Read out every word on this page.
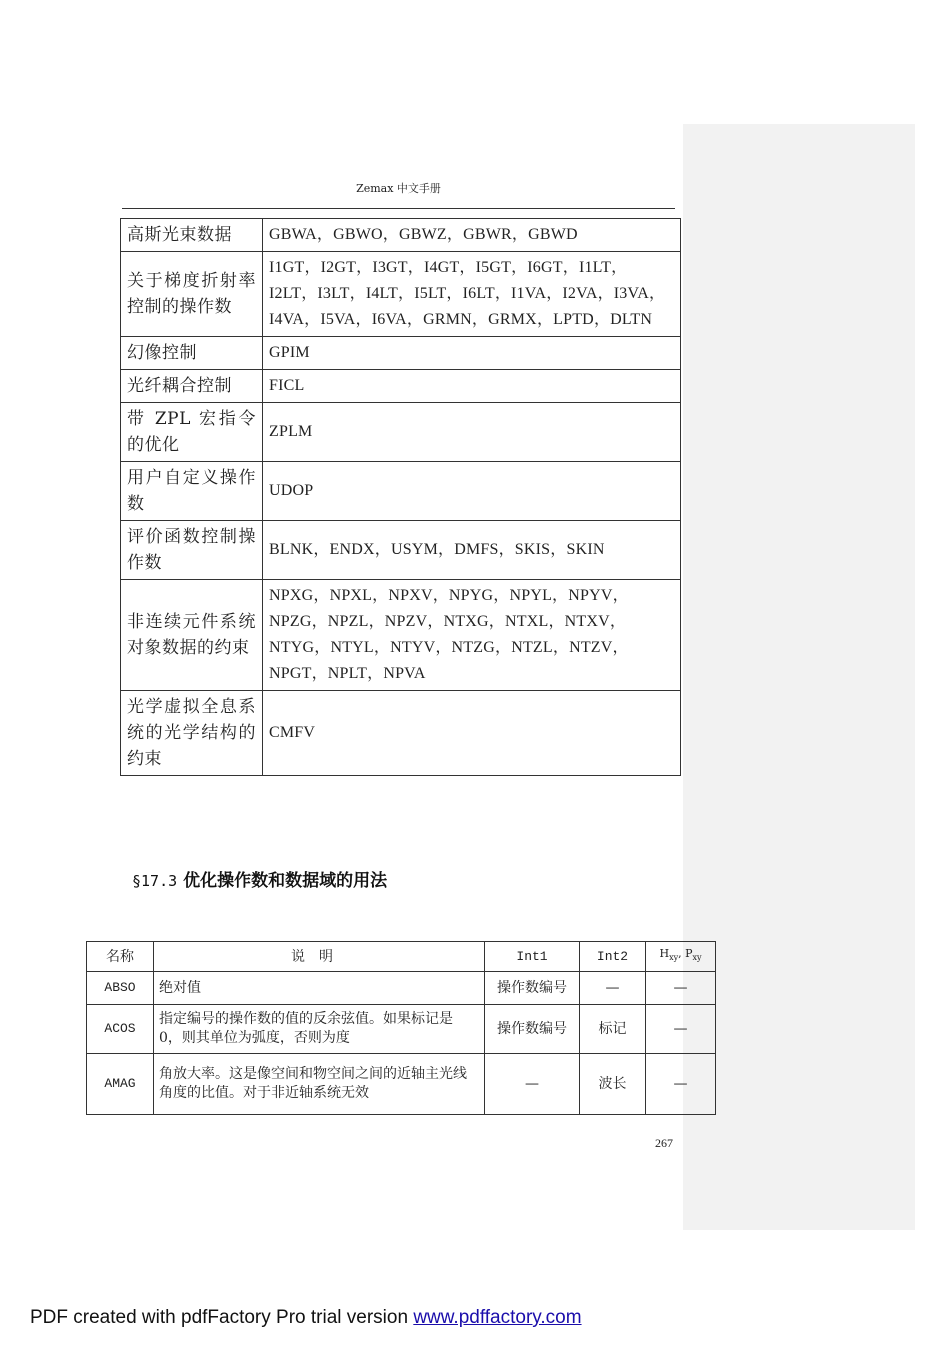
Zemax 中文手册
高斯光束数据	GBWA，GBWO，GBWZ，GBWR，GBWD
关于梯度折射率控制的操作数	I1GT，I2GT，I3GT，I4GT，I5GT，I6GT，I1LT，I2LT，I3LT，I4LT，I5LT，I6LT，I1VA，I2VA，I3VA，I4VA，I5VA，I6VA，GRMN，GRMX，LPTD，DLTN
幻像控制	GPIM
光纤耦合控制	FICL
带 ZPL 宏指令的优化	ZPLM
用户自定义操作数	UDOP
评价函数控制操作数	BLNK，ENDX，USYM，DMFS，SKIS，SKIN
非连续元件系统对象数据的约束	NPXG，NPXL，NPXV，NPYG，NPYL，NPYV，NPZG，NPZL，NPZV，NTXG，NTXL，NTXV，NTYG，NTYL，NTYV，NTZG，NTZL，NTZV，NPGT，NPLT，NPVA
光学虚拟全息系统的光学结构的约束	CMFV
§17.3 优化操作数和数据域的用法
名称	说明	Int1	Int2	$H_{xy}$, $P_{xy}$
ABSO	绝对值	操作数编号	—	—
ACOS	指定编号的操作数的值的反余弦值。如果标记是 0，则其单位为弧度，否则为度	操作数编号	标记	—
AMAG	角放大率。这是像空间和物空间之间的近轴主光线角度的比值。对于非近轴系统无效	—	波长	—
267
PDF created with pdfFactory Pro trial version www.pdffactory.com
